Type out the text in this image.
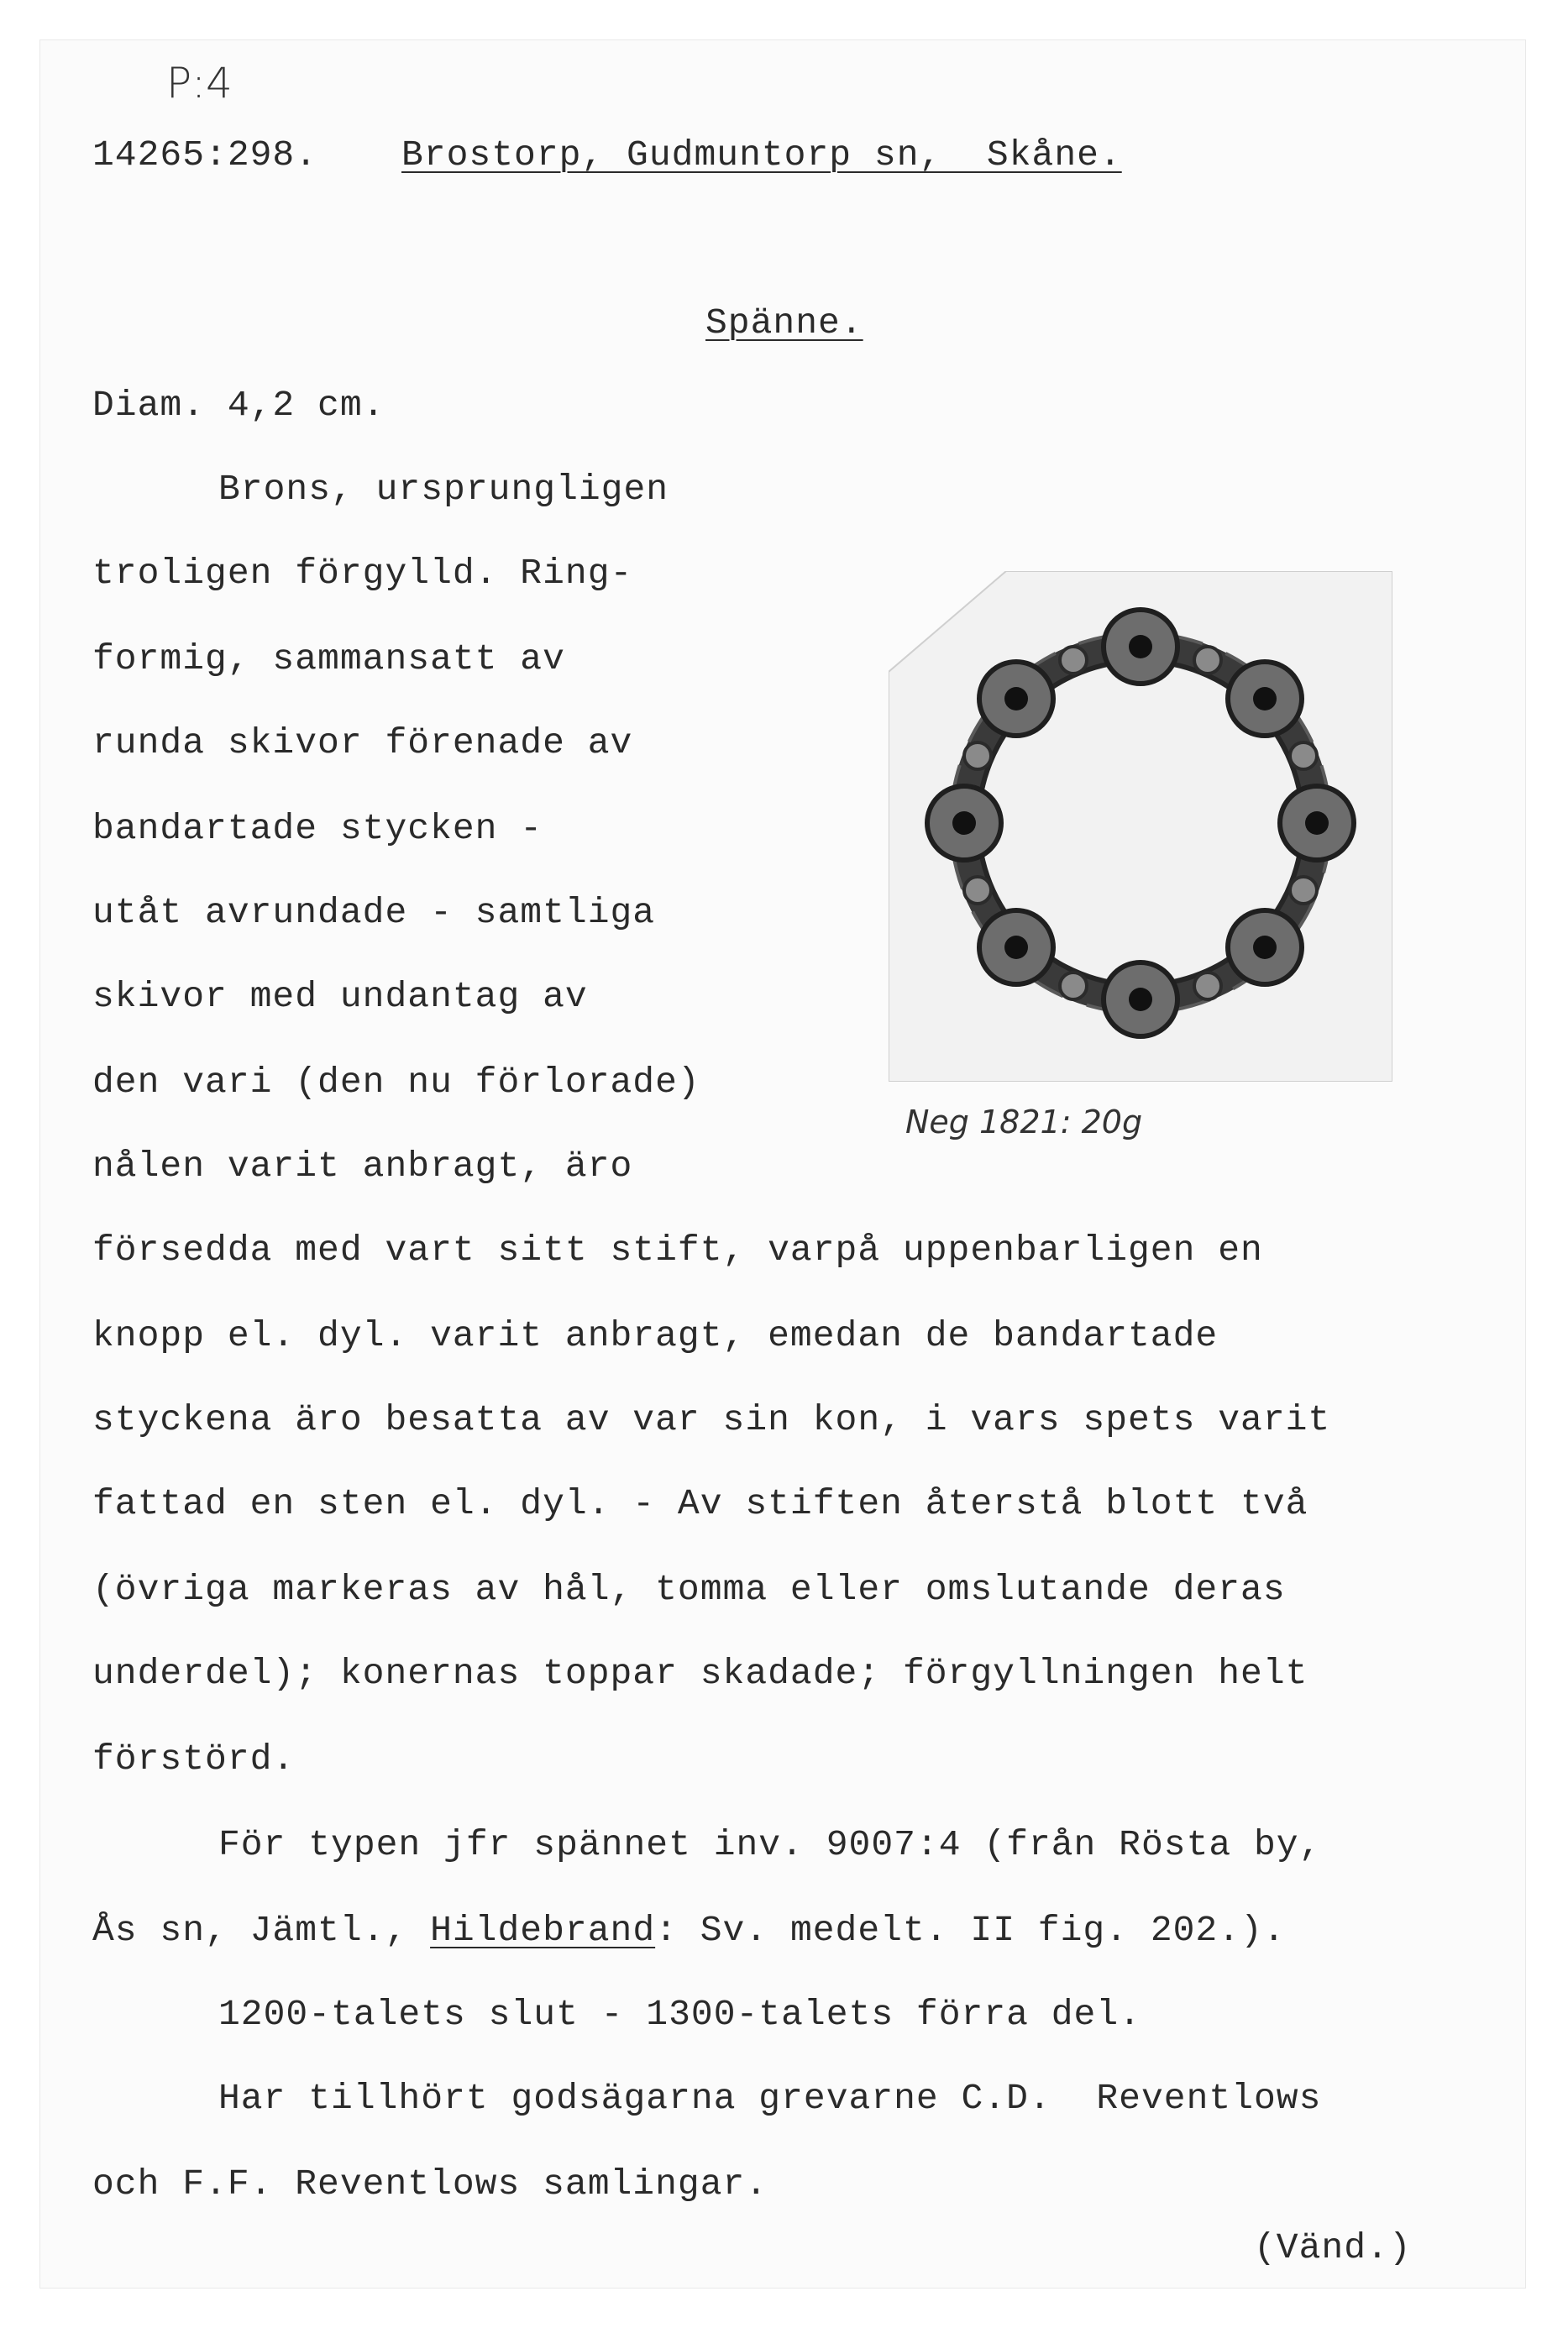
P:4
14265:298. Brostorp, Gudmuntorp sn,  Skåne.
Spänne.
Diam. 4,2 cm.
Brons, ursprungligen
troligen förgylld. Ring-
formig, sammansatt av
runda skivor förenade av
bandartade stycken -
utåt avrundade - samtliga
skivor med undantag av
den vari (den nu förlorade)
nålen varit anbragt, äro
Neg 1821: 20g
försedda med vart sitt stift, varpå uppenbarligen en
knopp el. dyl. varit anbragt, emedan de bandartade
styckena äro besatta av var sin kon, i vars spets varit
fattad en sten el. dyl. - Av stiften återstå blott två
(övriga markeras av hål, tomma eller omslutande deras
underdel); konernas toppar skadade; förgyllningen helt
förstörd.
För typen jfr spännet inv. 9007:4 (från Rösta by,
Ås sn, Jämtl., Hildebrand: Sv. medelt. II fig. 202.).
1200-talets slut - 1300-talets förra del.
Har tillhört godsägarna grevarne C.D.  Reventlows
och F.F. Reventlows samlingar.
(Vänd.)
